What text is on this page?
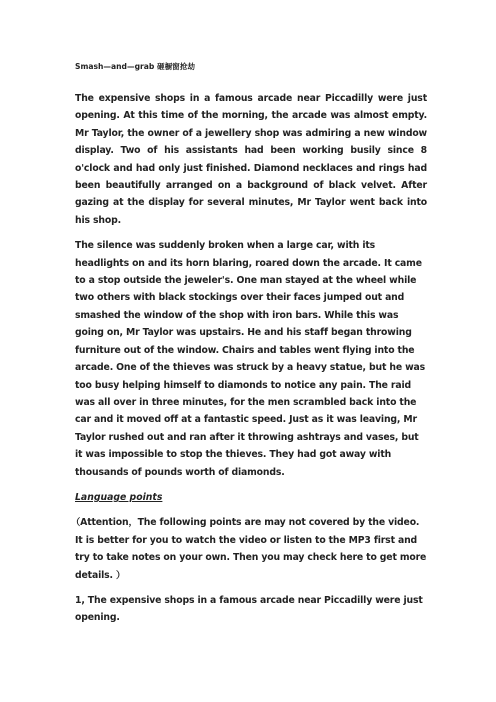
Smash—and—grab 砸橱窗抢劫
The expensive shops in a famous arcade near Piccadilly were just opening. At this time of the morning, the arcade was almost empty. Mr Taylor, the owner of a jewellery shop was admiring a new window display. Two of his assistants had been working busily since 8 o'clock and had only just finished. Diamond necklaces and rings had been beautifully arranged on a background of black velvet. After gazing at the display for several minutes, Mr Taylor went back into his shop.
The silence was suddenly broken when a large car, with its headlights on and its horn blaring, roared down the arcade. It came to a stop outside the jeweler's. One man stayed at the wheel while two others with black stockings over their faces jumped out and smashed the window of the shop with iron bars. While this was going on, Mr Taylor was upstairs. He and his staff began throwing furniture out of the window. Chairs and tables went flying into the arcade. One of the thieves was struck by a heavy statue, but he was too busy helping himself to diamonds to notice any pain. The raid was all over in three minutes, for the men scrambled back into the car and it moved off at a fantastic speed. Just as it was leaving, Mr Taylor rushed out and ran after it throwing ashtrays and vases, but it was impossible to stop the thieves. They had got away with thousands of pounds worth of diamonds.
Language points
（Attention，The following points are may not covered by the video. It is better for you to watch the video or listen to the MP3 first and try to take notes on your own. Then you may check here to get more details. ）
1, The expensive shops in a famous arcade near Piccadilly were just opening.
